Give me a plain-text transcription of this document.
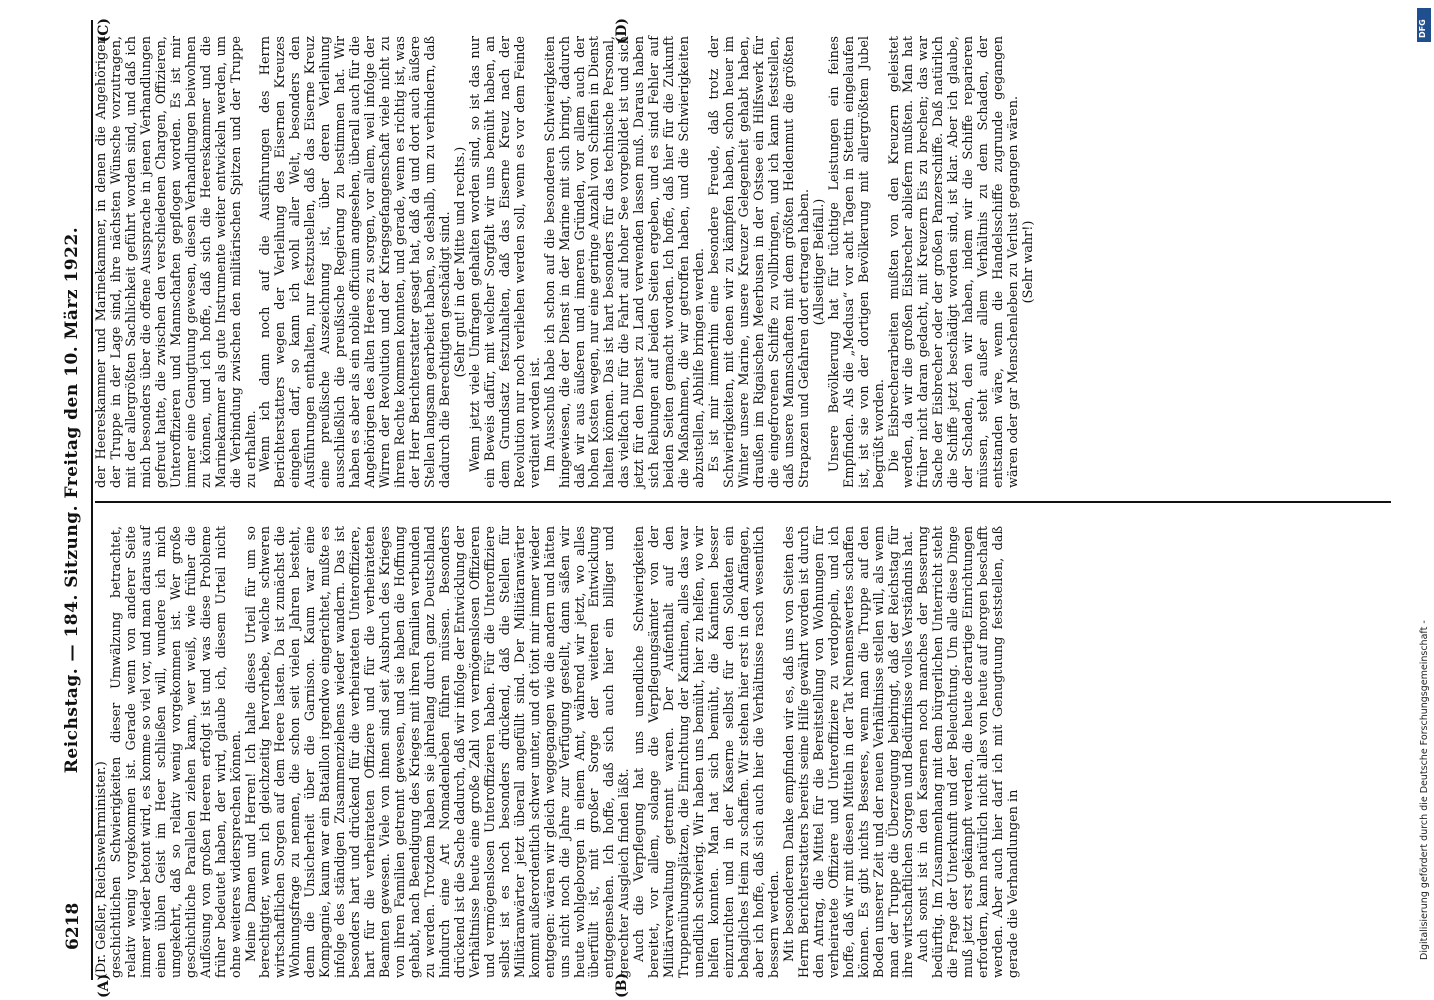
6218
Reichstag. — 184. Sitzung. Freitag den 10. März 1922.

(Dr. Geßler, Reichswehrminister.) geschichtlichen Schwierigkeiten dieser Umwälzung betrachtet, relativ wenig vorgekommen ist. Gerade wenn von anderer Seite immer wieder betont wird, es komme so viel vor, und man daraus auf einen üblen Geist im Heer schließen will, wundere ich mich umgekehrt, daß so relativ wenig vorgekommen ist. Wer große geschichtliche Parallelen ziehen kann, wer weiß, wie früher die Auflösung von großen Heeren erfolgt ist und was diese Probleme früher bedeutet haben, der wird, glaube ich, diesem Urteil nicht ohne weiteres widersprechen können. Meine Damen und Herren! Ich halte dieses Urteil für um so berechtigter, wenn ich gleichzeitig hervorhebe, welche schweren wirtschaftlichen Sorgen auf dem Heere lasten. Da ist zunächst die Wohnungsfrage zu nennen, die schon seit vielen Jahren besteht, denn die Unsicherheit über die Garnison. Kaum war eine Kompagnie, kaum war ein Bataillon irgendwo eingerichtet, mußte es infolge des ständigen Zusammenziehens wieder wandern. Das ist besonders hart und drückend für die verheirateten Unteroffiziere, hart für die verheirateten Offiziere und für die verheirateten Beamten gewesen. Viele von ihnen sind seit Ausbruch des Krieges von ihren Familien getrennt gewesen, und sie haben die Hoffnung gehabt, nach Beendigung des Krieges mit ihren Familien verbunden zu werden. Trotzdem haben sie jahrelang durch ganz Deutschland hindurch eine Art Nomadenleben führen müssen. Besonders drückend ist die Sache dadurch, daß wir infolge der Entwicklung der Verhältnisse heute eine große Zahl von vermögenslosen Offizieren und vermögenslosen Unteroffizieren haben. Für die Unteroffiziere selbst ist es noch besonders drückend, daß die Stellen für Militäranwärter jetzt überall angefüllt sind. Der Militäranwärter kommt außerordentlich schwer unter, und oft tönt mir immer wieder entgegen: wären wir gleich weggegangen wie die andern und hätten uns nicht noch die Jahre zur Verfügung gestellt, dann säßen wir heute wohlgeborgen in einem Amt, während wir jetzt, wo alles überfüllt ist, mit großer Sorge der weiteren Entwicklung entgegensehen. Ich hoffe, daß sich auch hier ein billiger und gerechter Ausgleich finden läßt. Auch die Verpflegung hat uns unendliche Schwierigkeiten bereitet, vor allem, solange die Verpflegungsämter von der Militärverwaltung getrennt waren. Der Aufenthalt auf den Truppenübungsplätzen, die Einrichtung der Kantinen, alles das war unendlich schwierig. Wir haben uns bemüht, hier zu helfen, wo wir helfen konnten. Man hat sich bemüht, die Kantinen besser einzurichten und in der Kaserne selbst für den Soldaten ein behagliches Heim zu schaffen. Wir stehen hier erst in den Anfängen, aber ich hoffe, daß sich auch hier die Verhältnisse rasch wesentlich bessern werden. Mit besonderem Danke empfinden wir es, daß uns von Seiten des Herrn Berichterstatters bereits seine Hilfe gewährt worden ist durch den Antrag, die Mittel für die Bereitstellung von Wohnungen für verheiratete Offiziere und Unteroffiziere zu verdoppeln, und ich hoffe, daß wir mit diesen Mitteln in der Tat Nennenswertes schaffen können. Es gibt nichts Besseres, wenn man die Truppe auf den Boden unserer Zeit und der neuen Verhältnisse stellen will, als wenn man der Truppe die Überzeugung beibringt, daß der Reichstag für ihre wirtschaftlichen Sorgen und Bedürfnisse volles Verständnis hat. Auch sonst ist in den Kasernen noch manches der Besserung bedürftig. Im Zusammenhang mit dem bürgerlichen Unterricht steht die Frage der Unterkunft und der Beleuchtung. Um alle diese Dinge muß jetzt erst gekämpft werden, die heute derartige Einrichtungen erfordern, kann natürlich nicht alles von heute auf morgen beschafft werden. Aber auch hier darf ich mit Genugtuung feststellen, daß gerade die Verhandlungen in

(A)	(B)

der Heereskammer und Marinekammer, in denen die Angehörigen der Truppe in der Lage sind, ihre nächsten Wünsche vorzutragen, mit der allergrößten Sachlichkeit geführt worden sind, und daß ich mich besonders über die offene Aussprache in jenen Verhandlungen gefreut hatte, die zwischen den verschiedenen Chargen, Offizieren, Unteroffizieren und Mannschaften gepflogen worden. Es ist mir immer eine Genugtuung gewesen, diesen Verhandlungen beiwohnen zu können, und ich hoffe, daß sich die Heereskammer und die Marinekammer als gute Instrumente weiter entwickeln werden, um die Verbindung zwischen den militärischen Spitzen und der Truppe zu erhalten. Wenn ich dann noch auf die Ausführungen des Herrn Berichterstatters wegen der Verleihung des Eisernen Kreuzes eingehen darf, so kann ich wohl aller Welt, besonders den Ausführungen enthalten, nur festzustellen, daß das Eiserne Kreuz eine preußische Auszeichnung ist, über deren Verleihung ausschließlich die preußische Regierung zu bestimmen hat. Wir haben es aber als ein nobile officium angesehen, überall auch für die Angehörigen des alten Heeres zu sorgen, vor allem, weil infolge der Wirren der Revolution und der Kriegsgefangenschaft viele nicht zu ihrem Rechte kommen konnten, und gerade, wenn es richtig ist, was der Herr Berichterstatter gesagt hat, daß da und dort auch äußere Stellen langsam gearbeitet haben, so deshalb, um zu verhindern, daß dadurch die Berechtigten geschädigt sind. (Sehr gut! in der Mitte und rechts.) Wenn jetzt viele Umfragen gehalten worden sind, so ist das nur ein Beweis dafür, mit welcher Sorgfalt wir uns bemüht haben, an dem Grundsatz festzuhalten, daß das Eiserne Kreuz nach der Revolution nur noch verliehen werden soll, wenn es vor dem Feinde verdient worden ist. Im Ausschuß habe ich schon auf die besonderen Schwierigkeiten hingewiesen, die der Dienst in der Marine mit sich bringt, dadurch daß wir aus äußeren und inneren Gründen, vor allem auch der hohen Kosten wegen, nur eine geringe Anzahl von Schiffen in Dienst halten können. Das ist hart besonders für das technische Personal, das vielfach nur für die Fahrt auf hoher See vorgebildet ist und sich jetzt für den Dienst zu Land verwenden lassen muß. Daraus haben sich Reibungen auf beiden Seiten ergeben, und es sind Fehler auf beiden Seiten gemacht worden. Ich hoffe, daß hier für die Zukunft die Maßnahmen, die wir getroffen haben, und die Schwierigkeiten abzustellen, Abhilfe bringen werden. Es ist mir immerhin eine besondere Freude, daß trotz der Schwierigkeiten, mit denen wir zu kämpfen haben, schon heuer im Winter unsere Marine, unsere Kreuzer Gelegenheit gehabt haben, draußen im Rigaischen Meerbusen in der Ostsee ein Hilfswerk für die eingefrorenen Schiffe zu vollbringen, und ich kann feststellen, daß unsere Mannschaften mit dem größten Heldenmut die größten Strapazen und Gefahren dort ertragen haben. (Allseitiger Beifall.) Unsere Bevölkerung hat für tüchtige Leistungen ein feines Empfinden. Als die „Medusa“ vor acht Tagen in Stettin eingelaufen ist, ist sie von der dortigen Bevölkerung mit allergrößtem Jubel begrüßt worden. Die Eisbrecherarbeiten mußten von den Kreuzern geleistet werden, da wir die großen Eisbrecher abliefern mußten. Man hat früher nicht daran gedacht, mit Kreuzern Eis zu brechen; das war Sache der Eisbrecher oder der großen Panzerschiffe. Daß natürlich die Schiffe jetzt beschädigt worden sind, ist klar. Aber ich glaube, der Schaden, den wir haben, indem wir die Schiffe reparieren müssen, steht außer allem Verhältnis zu dem Schaden, der entstanden wäre, wenn die Handelsschiffe zugrunde gegangen wären oder gar Menschenleben zu Verlust gegangen wären. (Sehr wahr!)

(C)	(D)	DFG
Digitalisierung gefördert durch die Deutsche Forschungsgemeinschaft -
